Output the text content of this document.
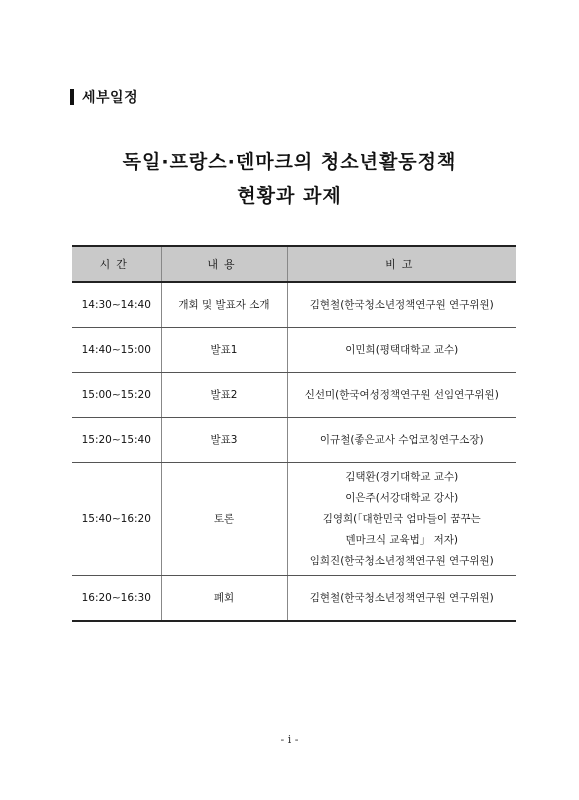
세부일정
독일·프랑스·덴마크의 청소년활동정책
현황과 과제
시간	내용	비고
14:30∼14:40	개회 및 발표자 소개	김현철(한국청소년정책연구원 연구위원)

14:40∼15:00	발표1	이민희(평택대학교 교수)

15:00∼15:20	발표2	신선미(한국여성정책연구원 선임연구위원)

15:20∼15:40	발표3	이규철(좋은교사 수업코칭연구소장)

15:40∼16:20	토론	김택환(경기대학교 교수)
이은주(서강대학교 강사)
김영희(「대한민국 엄마들이 꿈꾸는
덴마크식 교육법」 저자)
임희진(한국청소년정책연구원 연구위원)

16:20∼16:30	폐회	김현철(한국청소년정책연구원 연구위원)
- i -
